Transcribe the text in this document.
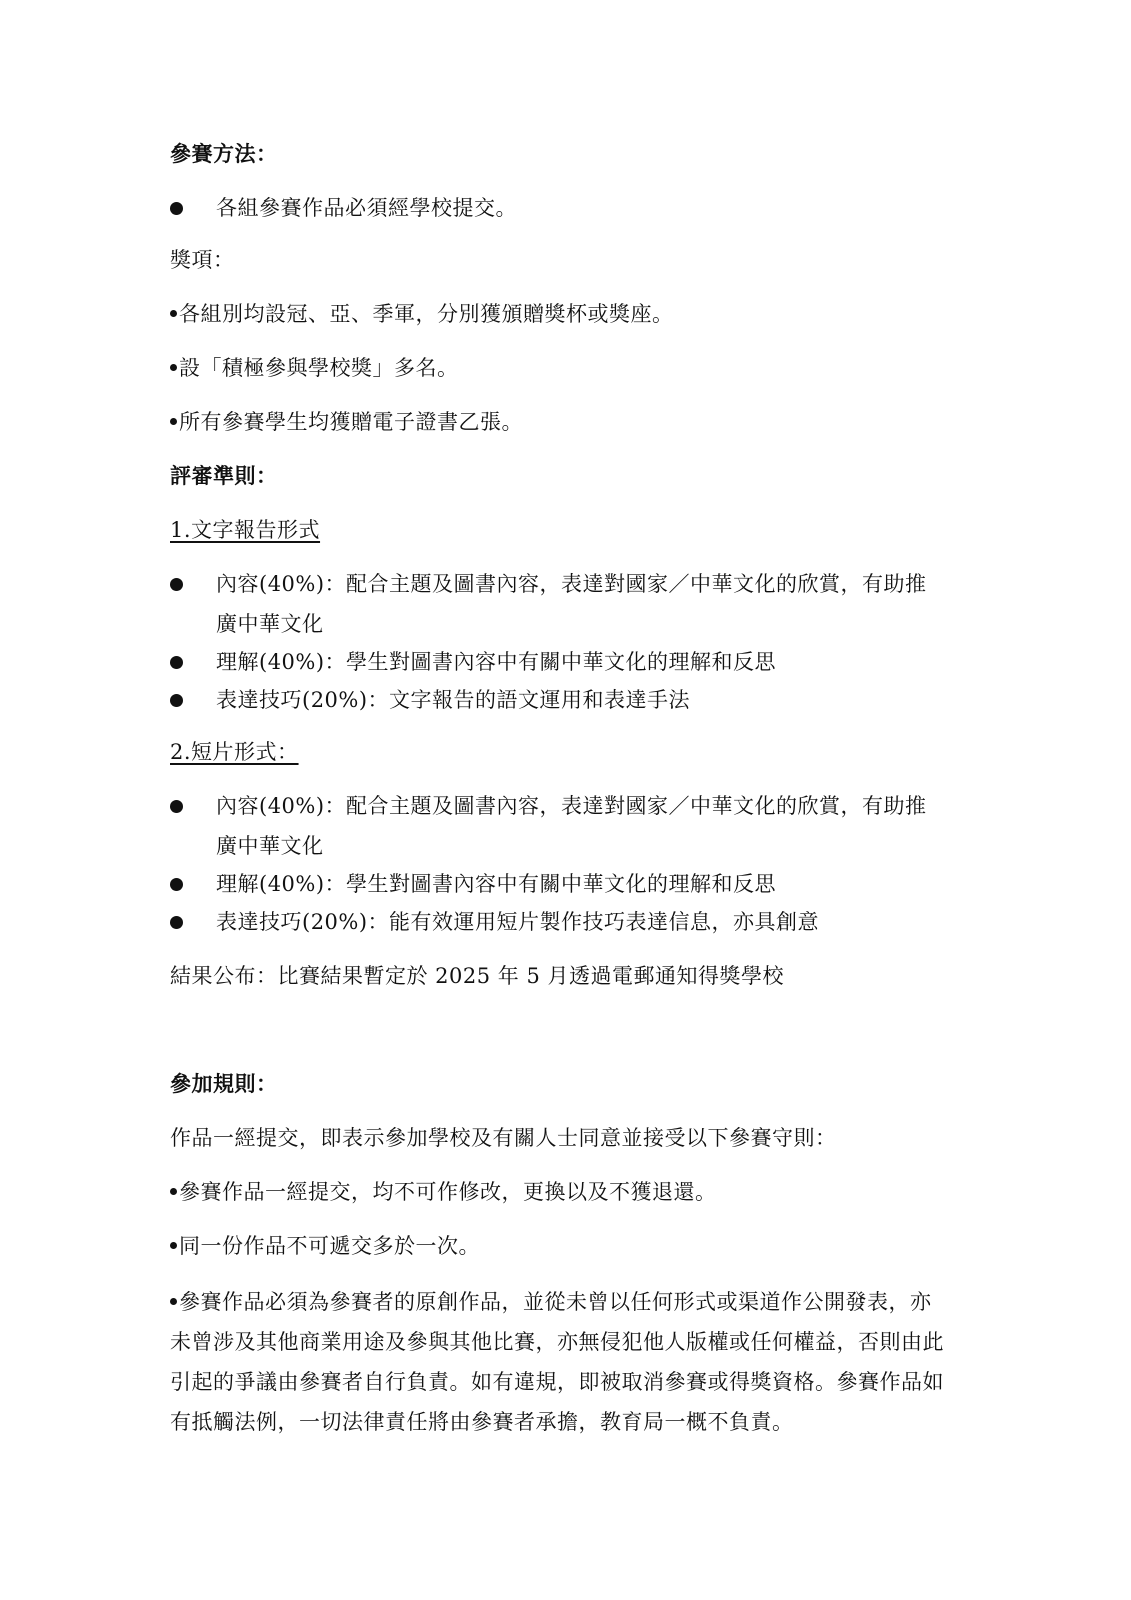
參賽方法：
各組參賽作品必須經學校提交。
獎項：
各組別均設冠、亞、季軍，分別獲頒贈獎杯或獎座。
設「積極參與學校獎」多名。
所有參賽學生均獲贈電子證書乙張。
評審準則：
1.文字報告形式
內容(40%)：配合主題及圖書內容，表達對國家／中華文化的欣賞，有助推廣中華文化
理解(40%)：學生對圖書內容中有關中華文化的理解和反思
表達技巧(20%)：文字報告的語文運用和表達手法
2.短片形式：
內容(40%)：配合主題及圖書內容，表達對國家／中華文化的欣賞，有助推廣中華文化
理解(40%)：學生對圖書內容中有關中華文化的理解和反思
表達技巧(20%)：能有效運用短片製作技巧表達信息，亦具創意
結果公布：比賽結果暫定於 2025 年 5 月透過電郵通知得獎學校
參加規則：
作品一經提交，即表示參加學校及有關人士同意並接受以下參賽守則：
參賽作品一經提交，均不可作修改，更換以及不獲退還。
同一份作品不可遞交多於一次。
參賽作品必須為參賽者的原創作品，並從未曾以任何形式或渠道作公開發表，亦未曾涉及其他商業用途及參與其他比賽，亦無侵犯他人版權或任何權益，否則由此引起的爭議由參賽者自行負責。如有違規，即被取消參賽或得獎資格。參賽作品如有抵觸法例，一切法律責任將由參賽者承擔，教育局一概不負責。
